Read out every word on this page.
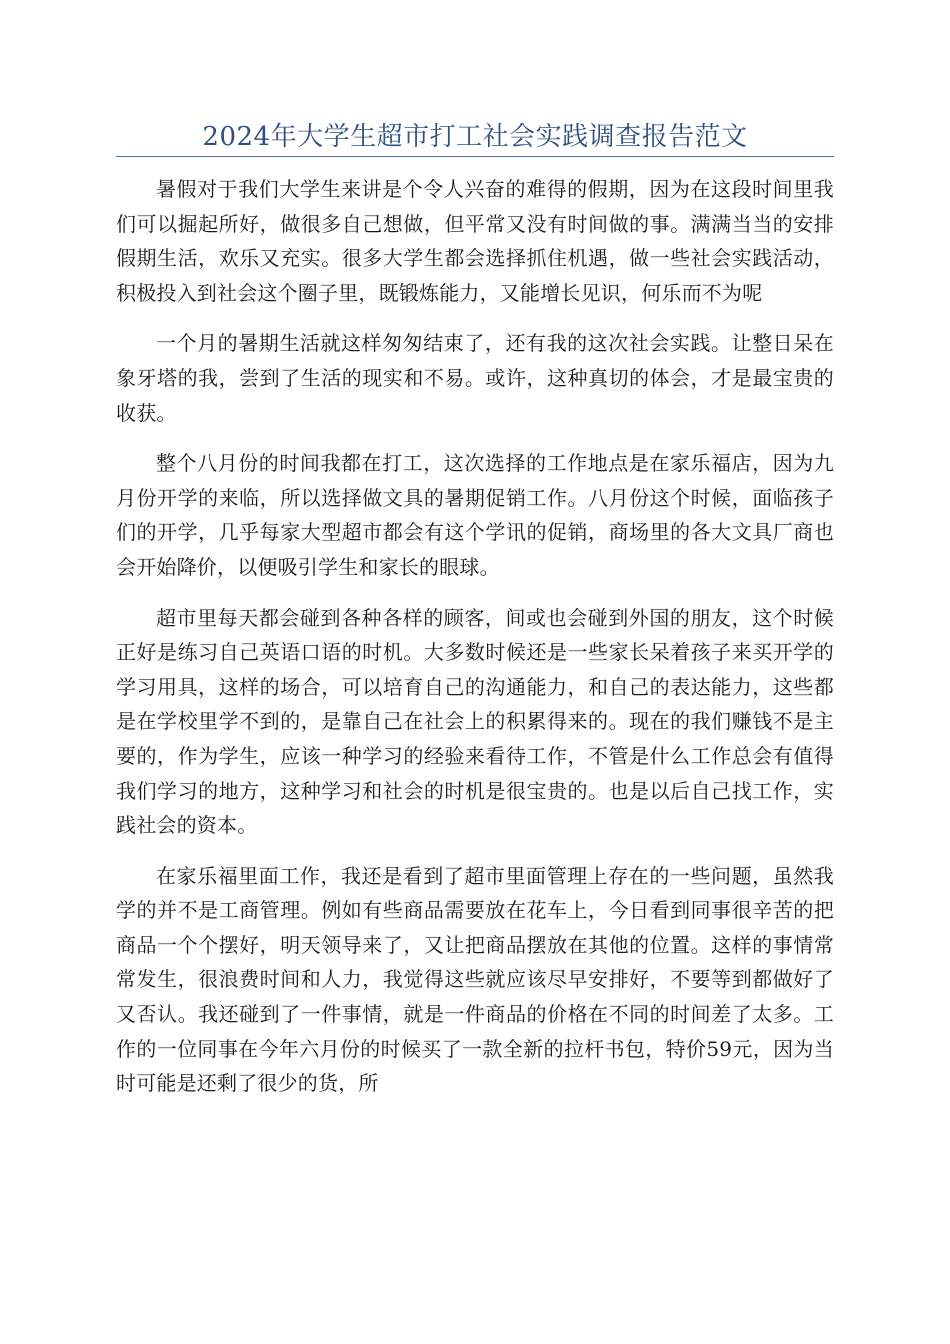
2024年大学生超市打工社会实践调查报告范文

暑假对于我们大学生来讲是个令人兴奋的难得的假期，因为在这段时间里我们可以掘起所好，做很多自己想做，但平常又没有时间做的事。满满当当的安排假期生活，欢乐又充实。很多大学生都会选择抓住机遇，做一些社会实践活动，积极投入到社会这个圈子里，既锻炼能力，又能增长见识，何乐而不为呢

一个月的暑期生活就这样匆匆结束了，还有我的这次社会实践。让整日呆在象牙塔的我，尝到了生活的现实和不易。或许，这种真切的体会，才是最宝贵的收获。

整个八月份的时间我都在打工，这次选择的工作地点是在家乐福店，因为九月份开学的来临，所以选择做文具的暑期促销工作。八月份这个时候，面临孩子们的开学，几乎每家大型超市都会有这个学讯的促销，商场里的各大文具厂商也会开始降价，以便吸引学生和家长的眼球。

超市里每天都会碰到各种各样的顾客，间或也会碰到外国的朋友，这个时候正好是练习自己英语口语的时机。大多数时候还是一些家长呆着孩子来买开学的学习用具，这样的场合，可以培育自己的沟通能力，和自己的表达能力，这些都是在学校里学不到的，是靠自己在社会上的积累得来的。现在的我们赚钱不是主要的，作为学生，应该一种学习的经验来看待工作，不管是什么工作总会有值得我们学习的地方，这种学习和社会的时机是很宝贵的。也是以后自己找工作，实践社会的资本。

在家乐福里面工作，我还是看到了超市里面管理上存在的一些问题，虽然我学的并不是工商管理。例如有些商品需要放在花车上，今日看到同事很辛苦的把商品一个个摆好，明天领导来了，又让把商品摆放在其他的位置。这样的事情常常发生，很浪费时间和人力，我觉得这些就应该尽早安排好，不要等到都做好了又否认。我还碰到了一件事情，就是一件商品的价格在不同的时间差了太多。工作的一位同事在今年六月份的时候买了一款全新的拉杆书包，特价59元，因为当时可能是还剩了很少的货，所
